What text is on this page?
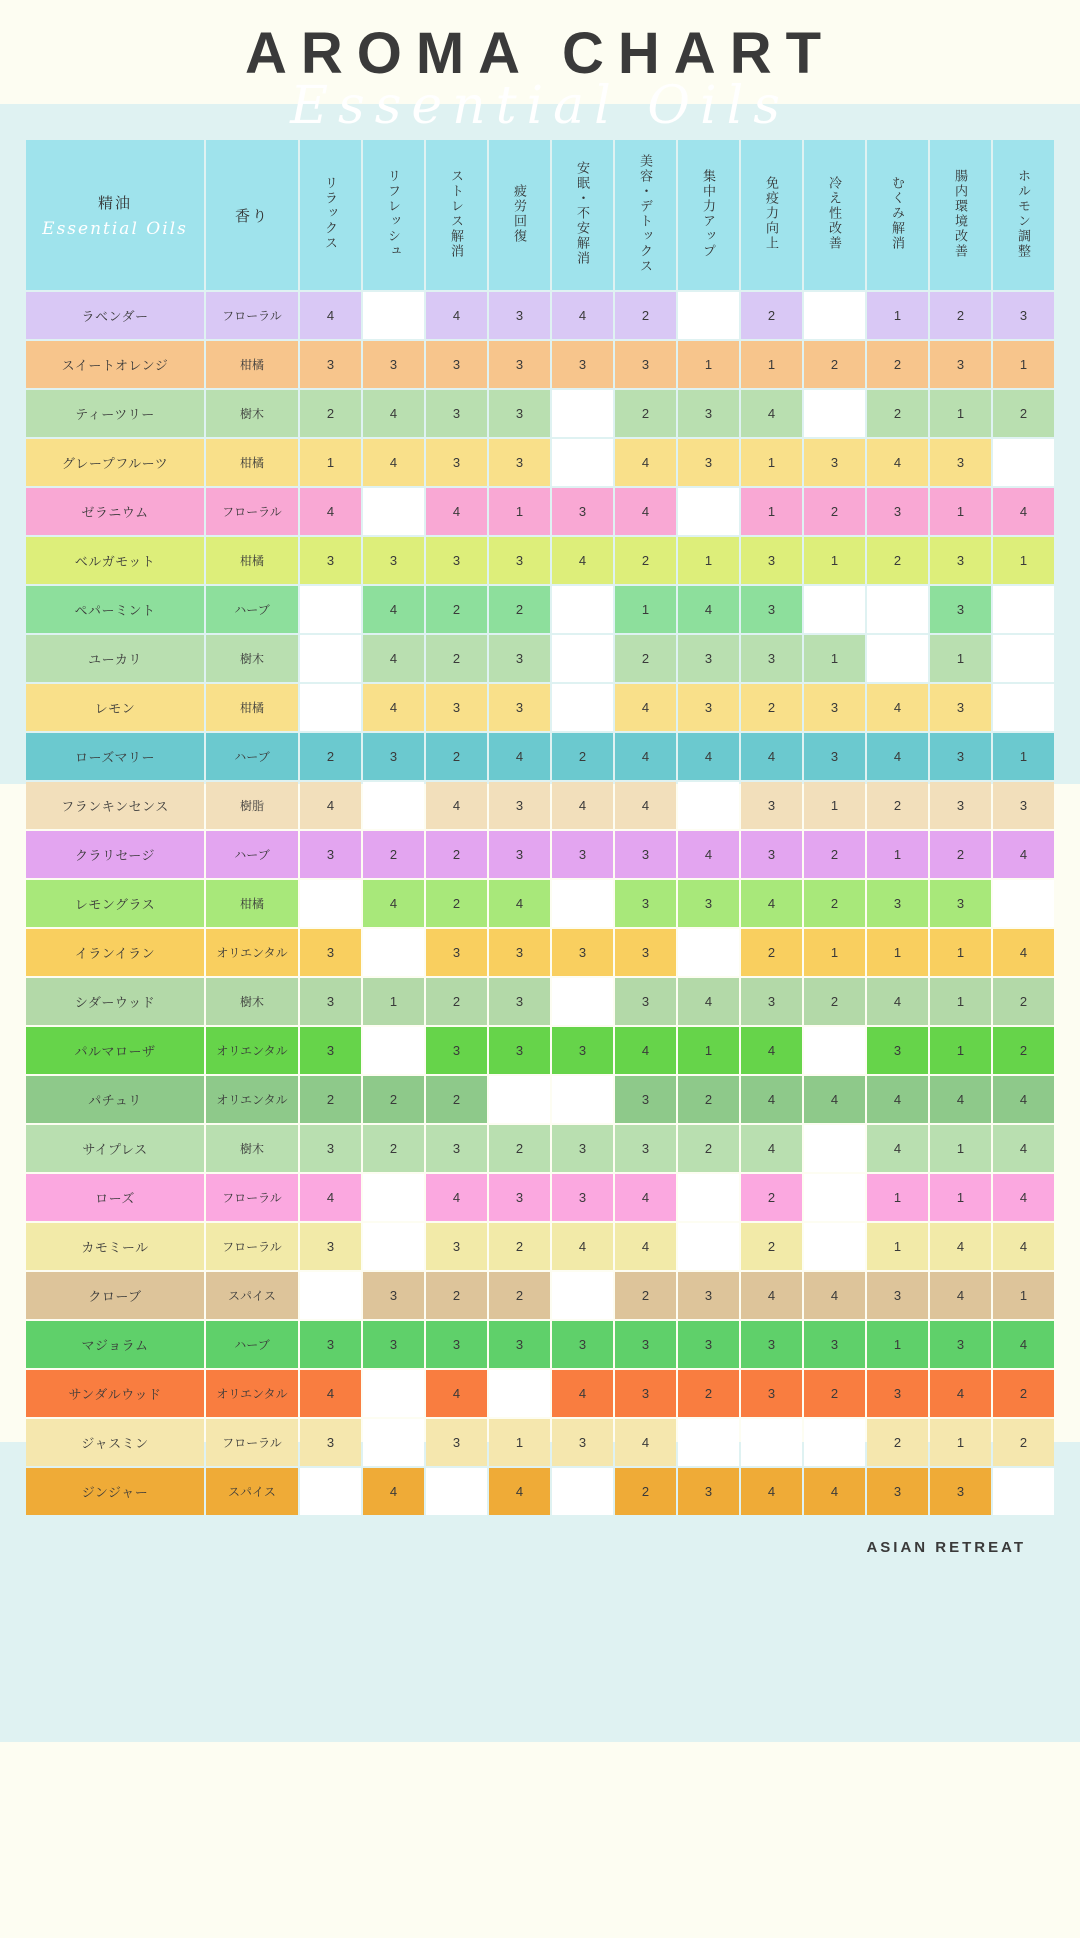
AROMA CHART
Essential Oils
精油
Essential Oils	香り	リラックス	リフレッシュ	ストレス解消	疲労回復	安眠・不安解消	美容・デトックス	集中力アップ	免疫力向上	冷え性改善	むくみ解消	腸内環境改善	ホルモン調整
ラベンダー	フローラル	4		4	3	4	2		2		1	2	3
スイートオレンジ	柑橘	3	3	3	3	3	3	1	1	2	2	3	1
ティーツリー	樹木	2	4	3	3		2	3	4		2	1	2
グレープフルーツ	柑橘	1	4	3	3		4	3	1	3	4	3	
ゼラニウム	フローラル	4		4	1	3	4		1	2	3	1	4
ベルガモット	柑橘	3	3	3	3	4	2	1	3	1	2	3	1
ペパーミント	ハーブ		4	2	2		1	4	3			3	
ユーカリ	樹木		4	2	3		2	3	3	1		1	
レモン	柑橘		4	3	3		4	3	2	3	4	3	
ローズマリー	ハーブ	2	3	2	4	2	4	4	4	3	4	3	1
フランキンセンス	樹脂	4		4	3	4	4		3	1	2	3	3
クラリセージ	ハーブ	3	2	2	3	3	3	4	3	2	1	2	4
レモングラス	柑橘		4	2	4		3	3	4	2	3	3	
イランイラン	オリエンタル	3		3	3	3	3		2	1	1	1	4
シダーウッド	樹木	3	1	2	3		3	4	3	2	4	1	2
パルマローザ	オリエンタル	3		3	3	3	4	1	4		3	1	2
パチュリ	オリエンタル	2	2	2			3	2	4	4	4	4	4
サイプレス	樹木	3	2	3	2	3	3	2	4		4	1	4
ローズ	フローラル	4		4	3	3	4		2		1	1	4
カモミール	フローラル	3		3	2	4	4		2		1	4	4
クローブ	スパイス		3	2	2		2	3	4	4	3	4	1
マジョラム	ハーブ	3	3	3	3	3	3	3	3	3	1	3	4
サンダルウッド	オリエンタル	4		4		4	3	2	3	2	3	4	2
ジャスミン	フローラル	3		3	1	3	4				2	1	2
ジンジャー	スパイス		4		4		2	3	4	4	3	3	
ASIAN RETREAT
